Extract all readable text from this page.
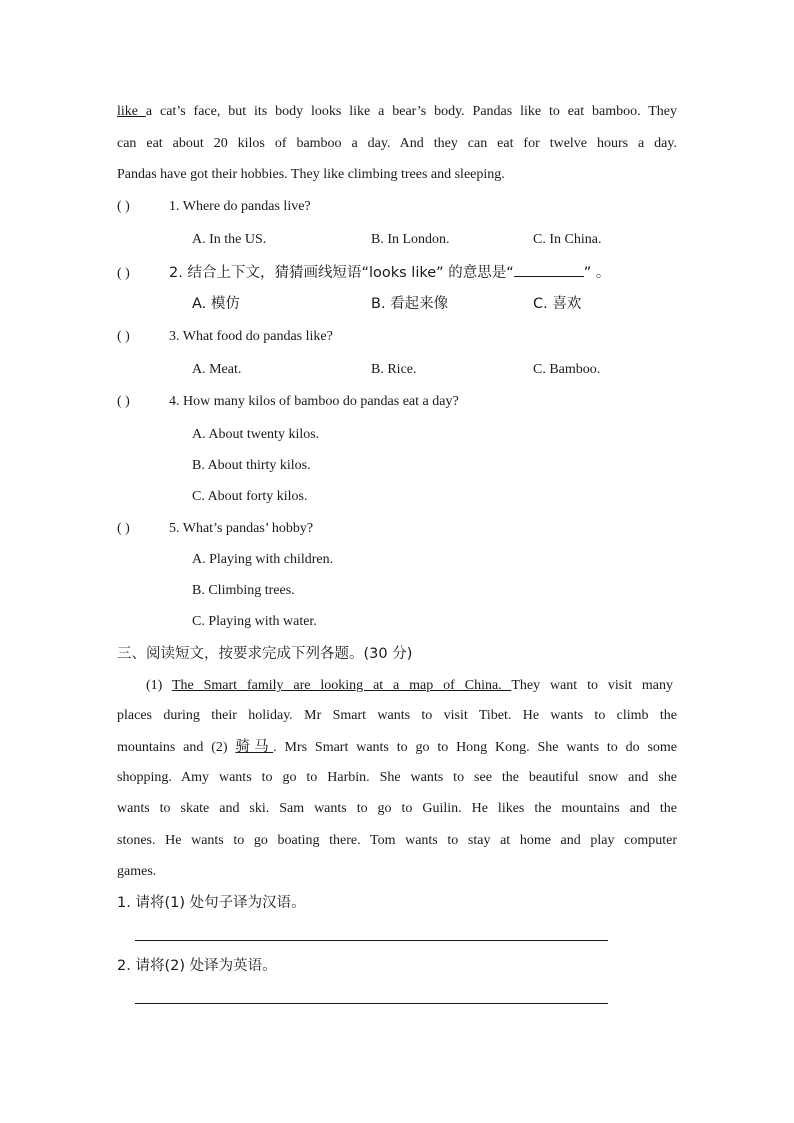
like a cat’s face, but its body looks like a bear’s body. Pandas like to eat bamboo. They
can eat about 20 kilos of bamboo a day. And they can eat for twelve hours a day.
Pandas have got their hobbies. They like climbing trees and sleeping.
( )	1. Where do pandas live?
A. In the US.	B. In London.	C. In China.
( )	2. 结合上下文，猜猜画线短语“looks like” 的意思是“	” 。
A. 模仿	B. 看起来像	C. 喜欢
( )	3. What food do pandas like?
A. Meat.	B. Rice.	C. Bamboo.
( )	4. How many kilos of bamboo do pandas eat a day?
A. About twenty kilos.
B. About thirty kilos.
C. About forty kilos.
( )	5. What’s pandas’ hobby?
A. Playing with children.
B. Climbing trees.
C. Playing with water.
三、阅读短文，按要求完成下列各题。(30 分)
(1) The Smart family are looking at a map of China. They want to visit many
places during their holiday. Mr Smart wants to visit Tibet. He wants to climb the
mountains and (2) 骑马. Mrs Smart wants to go to Hong Kong. She wants to do some
shopping. Amy wants to go to Harbin. She wants to see the beautiful snow and she
wants to skate and ski. Sam wants to go to Guilin. He likes the mountains and the
stones. He wants to go boating there. Tom wants to stay at home and play computer
games.
1. 请将(1) 处句子译为汉语。
2. 请将(2) 处译为英语。
